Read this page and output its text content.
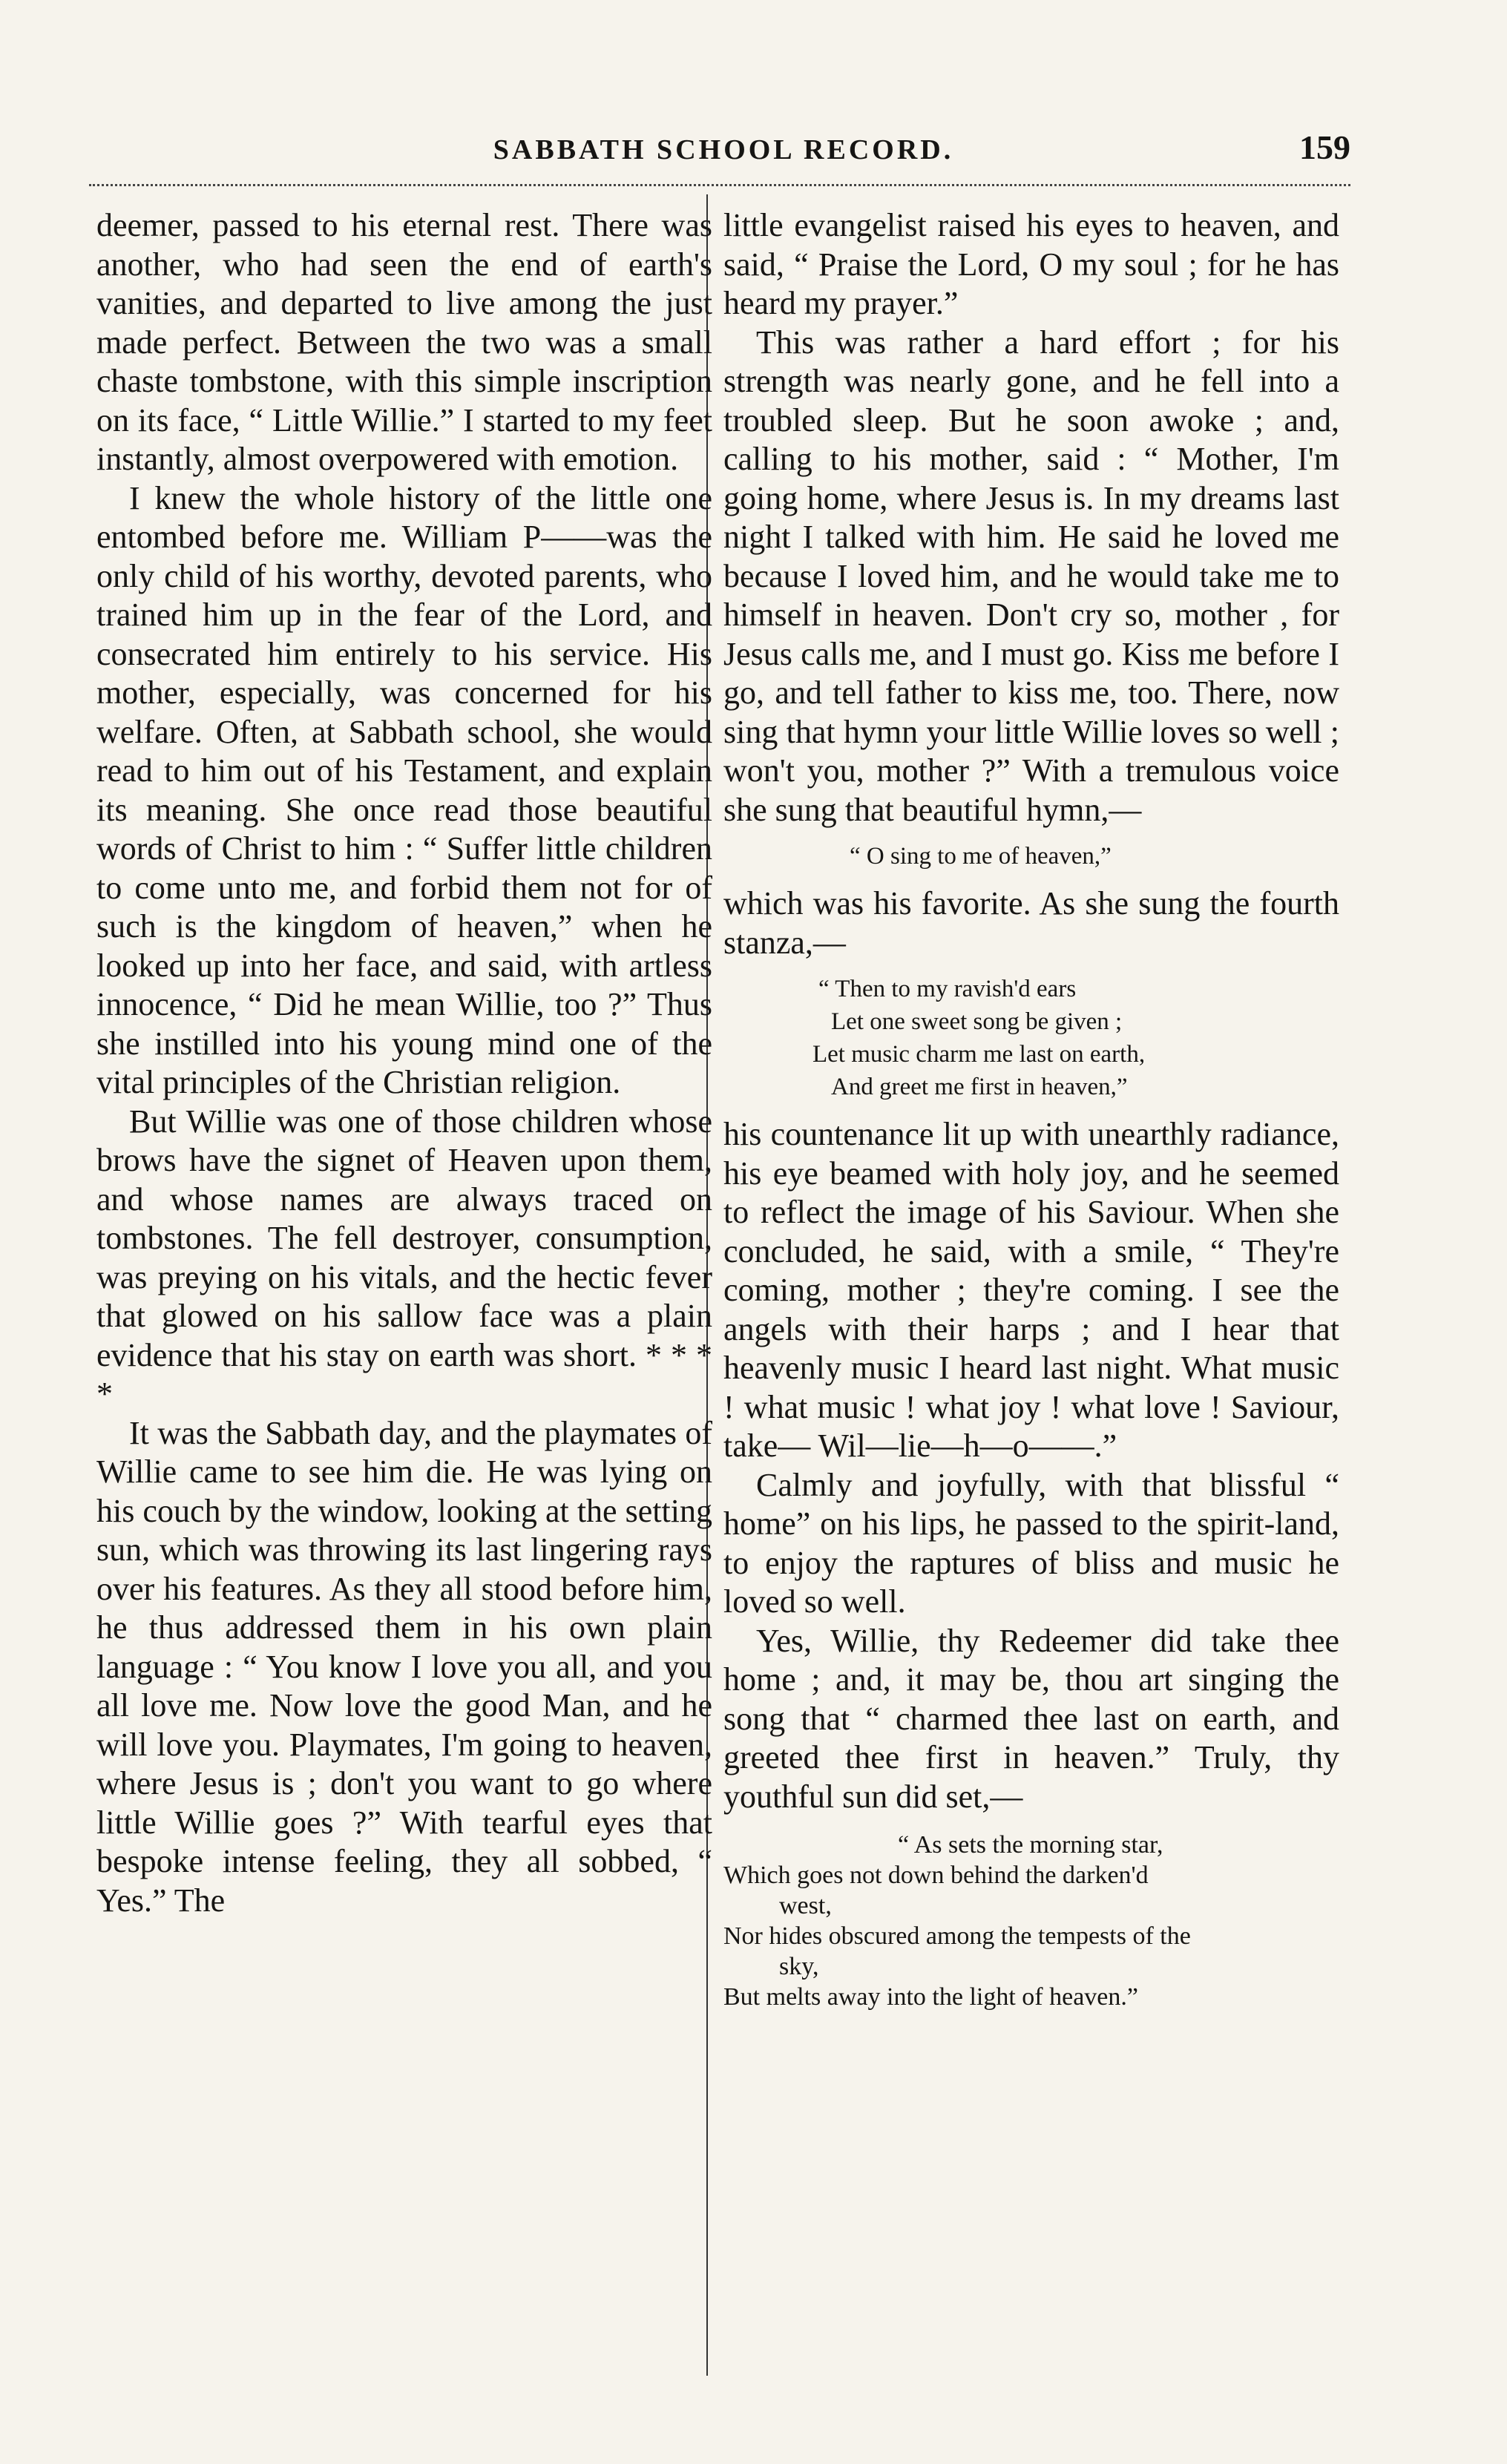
SABBATH SCHOOL RECORD.	159

deemer, passed to his eternal rest. There was another, who had seen the end of earth's vanities, and departed to live among the just made perfect. Between the two was a small chaste tombstone, with this simple inscription on its face, “ Little Willie.” I started to my feet instantly, almost overpowered with emotion.

I knew the whole history of the little one entombed before me. William P——was the only child of his worthy, devoted parents, who trained him up in the fear of the Lord, and consecrated him entirely to his service. His mother, especially, was concerned for his welfare. Often, at Sabbath school, she would read to him out of his Testament, and explain its meaning. She once read those beautiful words of Christ to him : “ Suffer little children to come unto me, and forbid them not for of such is the kingdom of heaven,” when he looked up into her face, and said, with artless innocence, “ Did he mean Willie, too ?” Thus she instilled into his young mind one of the vital principles of the Christian religion.

But Willie was one of those children whose brows have the signet of Heaven upon them, and whose names are always traced on tombstones. The fell destroyer, consumption, was preying on his vitals, and the hectic fever that glowed on his sallow face was a plain evidence that his stay on earth was short. * * * *

It was the Sabbath day, and the playmates of Willie came to see him die. He was lying on his couch by the window, looking at the setting sun, which was throwing its last lingering rays over his features. As they all stood before him, he thus addressed them in his own plain language : “ You know I love you all, and you all love me. Now love the good Man, and he will love you. Playmates, I'm going to heaven, where Jesus is ; don't you want to go where little Willie goes ?” With tearful eyes that bespoke intense feeling, they all sobbed, “ Yes.” The

little evangelist raised his eyes to heaven, and said, “ Praise the Lord, O my soul ; for he has heard my prayer.”

This was rather a hard effort ; for his strength was nearly gone, and he fell into a troubled sleep. But he soon awoke ; and, calling to his mother, said : “ Mother, I'm going home, where Jesus is. In my dreams last night I talked with him. He said he loved me because I loved him, and he would take me to himself in heaven. Don't cry so, mother , for Jesus calls me, and I must go. Kiss me before I go, and tell father to kiss me, too. There, now sing that hymn your little Willie loves so well ; won't you, mother ?” With a tremulous voice she sung that beautiful hymn,—

“ O sing to me of heaven,”

which was his favorite. As she sung the fourth stanza,—

“ Then to my ravish'd ears
Let one sweet song be given ;
Let music charm me last on earth,
And greet me first in heaven,”

his countenance lit up with unearthly radiance, his eye beamed with holy joy, and he seemed to reflect the image of his Saviour. When she concluded, he said, with a smile, “ They're coming, mother ; they're coming. I see the angels with their harps ; and I hear that heavenly music I heard last night. What music ! what music ! what joy ! what love ! Saviour, take— Wil—lie—h—o——.”

Calmly and joyfully, with that blissful “ home” on his lips, he passed to the spirit-land, to enjoy the raptures of bliss and music he loved so well.

Yes, Willie, thy Redeemer did take thee home ; and, it may be, thou art singing the song that “ charmed thee last on earth, and greeted thee first in heaven.” Truly, thy youthful sun did set,—

“ As sets the morning star,
Which goes not down behind the darken'd
west,
Nor hides obscured among the tempests of the
sky,
But melts away into the light of heaven.”
